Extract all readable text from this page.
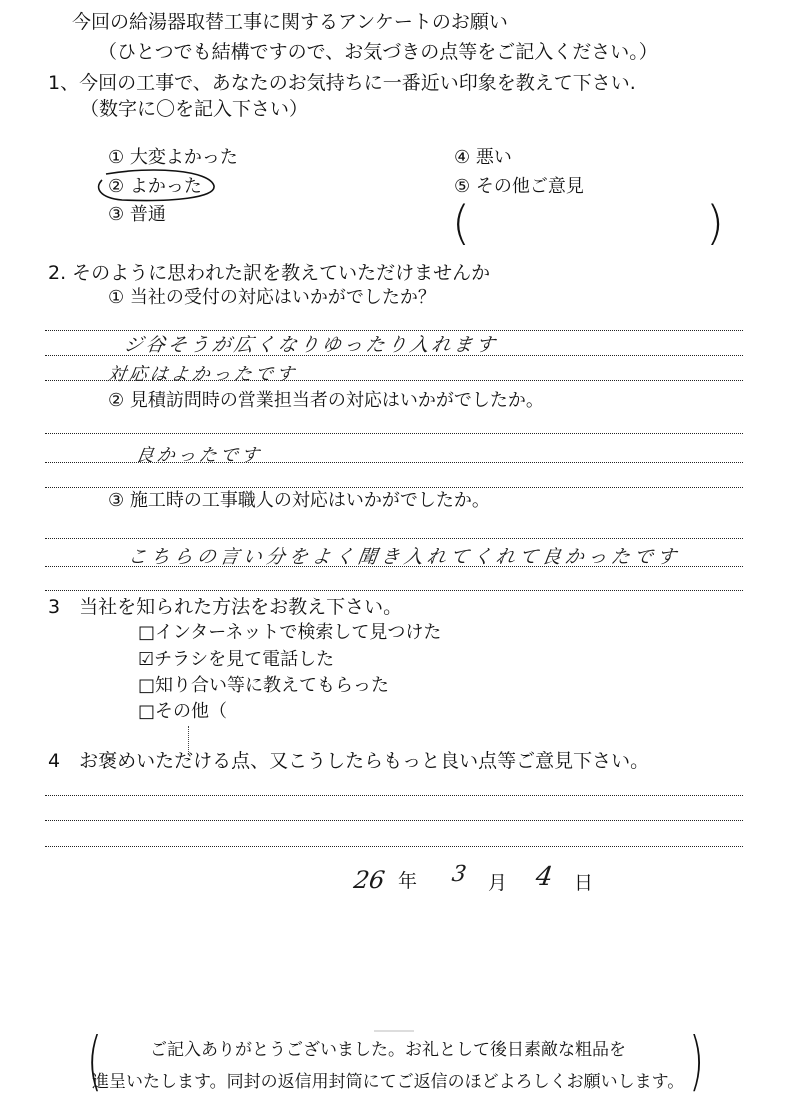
今回の給湯器取替工事に関するアンケートのお願い
（ひとつでも結構ですので、お気づきの点等をご記入ください。）
1、今回の工事で、あなたのお気持ちに一番近い印象を教えて下さい.
（数字に〇を記入下さい）
① 大変よかった
② よかった
③ 普通
④ 悪い
⑤ その他ご意見
(	)
2. そのように思われた訳を教えていただけませんか
① 当社の受付の対応はいかがでしたか？
ジ谷そうが広くなりゆったり入れます
対応はよかったです
② 見積訪問時の営業担当者の対応はいかがでしたか。
良かったです
③ 施工時の工事職人の対応はいかがでしたか。
こちらの言い分をよく聞き入れてくれて良かったです
3　当社を知られた方法をお教え下さい。
□インターネットで検索して見つけた
☑チラシを見て電話した
□知り合い等に教えてもらった
□その他（
4　お褒めいただける点、又こうしたらもっと良い点等ご意見下さい。
26 年 3 月 4 日
(	)
ご記入ありがとうございました。お礼として後日素敵な粗品を
進呈いたします。同封の返信用封筒にてご返信のほどよろしくお願いします。
